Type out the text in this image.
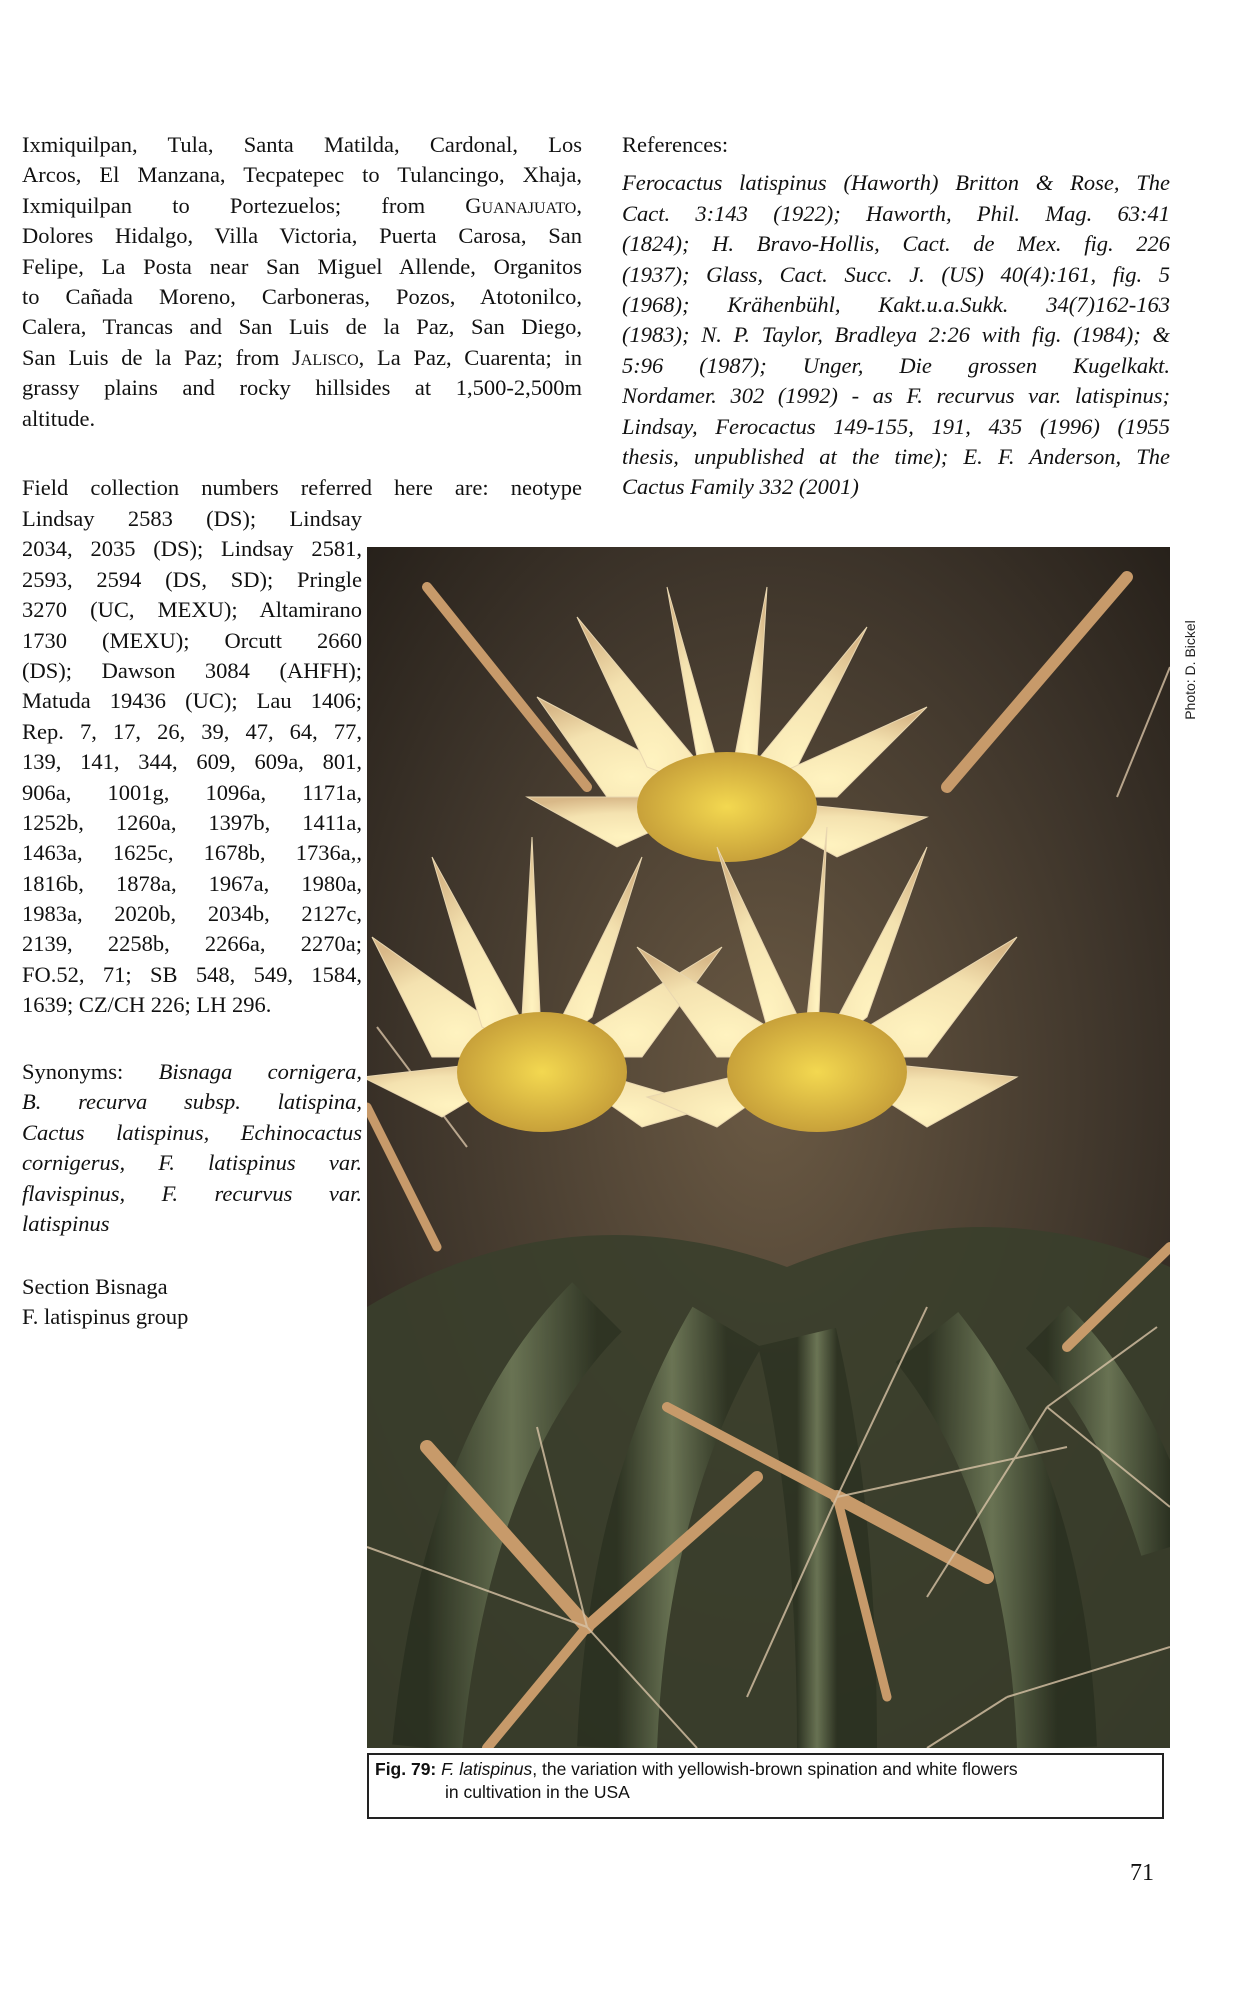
Ixmiquilpan, Tula, Santa Matilda, Cardonal, Los
Arcos, El Manzana, Tecpatepec to Tulancingo, Xhaja,
Ixmiquilpan to Portezuelos; from Guanajuato,
Dolores Hidalgo, Villa Victoria, Puerta Carosa, San
Felipe, La Posta near San Miguel Allende, Organitos
to Cañada Moreno, Carboneras, Pozos, Atotonilco,
Calera, Trancas and San Luis de la Paz, San Diego,
San Luis de la Paz; from Jalisco, La Paz, Cuarenta; in
grassy plains and rocky hillsides at 1,500-2,500m
altitude.
References:
Ferocactus latispinus (Haworth) Britton & Rose, The
Cact. 3:143 (1922); Haworth, Phil. Mag. 63:41
(1824); H. Bravo-Hollis, Cact. de Mex. fig. 226
(1937); Glass, Cact. Succ. J. (US) 40(4):161, fig. 5
(1968); Krähenbühl, Kakt.u.a.Sukk. 34(7)162-163
(1983); N. P. Taylor, Bradleya 2:26 with fig. (1984); &
5:96 (1987); Unger, Die grossen Kugelkakt.
Nordamer. 302 (1992) - as F. recurvus var. latispinus;
Lindsay, Ferocactus 149-155, 191, 435 (1996) (1955
thesis, unpublished at the time); E. F. Anderson, The
Cactus Family 332 (2001)
Field collection numbers referred here are: neotype
Lindsay 2583 (DS); Lindsay
2034, 2035 (DS); Lindsay 2581,
2593, 2594 (DS, SD); Pringle
3270 (UC, MEXU); Altamirano
1730 (MEXU); Orcutt 2660
(DS); Dawson 3084 (AHFH);
Matuda 19436 (UC); Lau 1406;
Rep. 7, 17, 26, 39, 47, 64, 77,
139, 141, 344, 609, 609a, 801,
906a, 1001g, 1096a, 1171a,
1252b, 1260a, 1397b, 1411a,
1463a, 1625c, 1678b, 1736a,,
1816b, 1878a, 1967a, 1980a,
1983a, 2020b, 2034b, 2127c,
2139, 2258b, 2266a, 2270a;
FO.52, 71; SB 548, 549, 1584,
1639; CZ/CH 226; LH 296.
Synonyms: Bisnaga cornigera,
B. recurva subsp. latispina,
Cactus latispinus, Echinocactus
cornigerus, F. latispinus var.
flavispinus, F. recurvus var.
latispinus
Section Bisnaga
F. latispinus group
Photo: D. Bickel
Fig. 79: F. latispinus, the variation with yellowish-brown spination and white flowers
in cultivation in the USA
71
